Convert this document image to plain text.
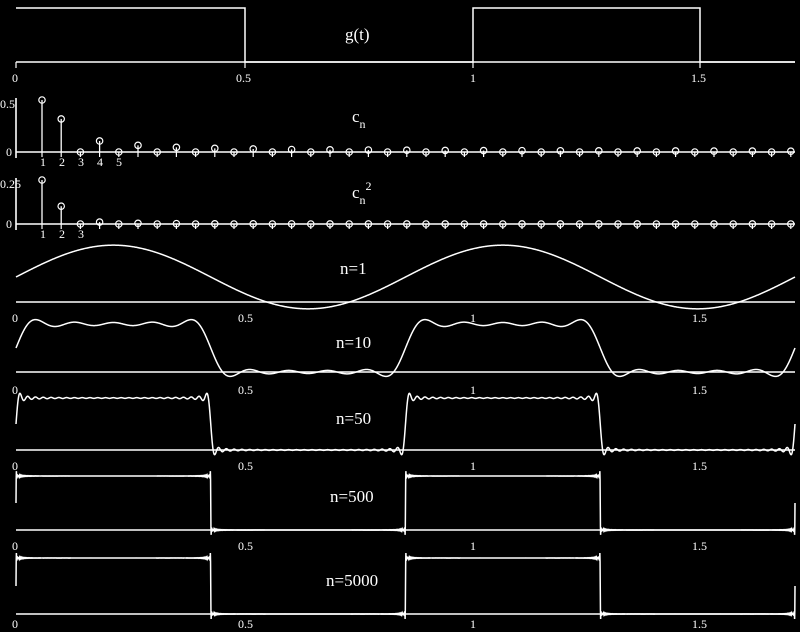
0	0.5	1	1.5
g(t)
0.5
0
1 2 3 4 5
$c_n$
0.25
0
1 2 3
$c_n^2$
n=1
0	0.5	1	1.5
n=10
0	0.5	1	1.5
n=50
0	0.5	1	1.5
n=500
0	0.5	1	1.5
0	0.5	1	1.5
n=5000
